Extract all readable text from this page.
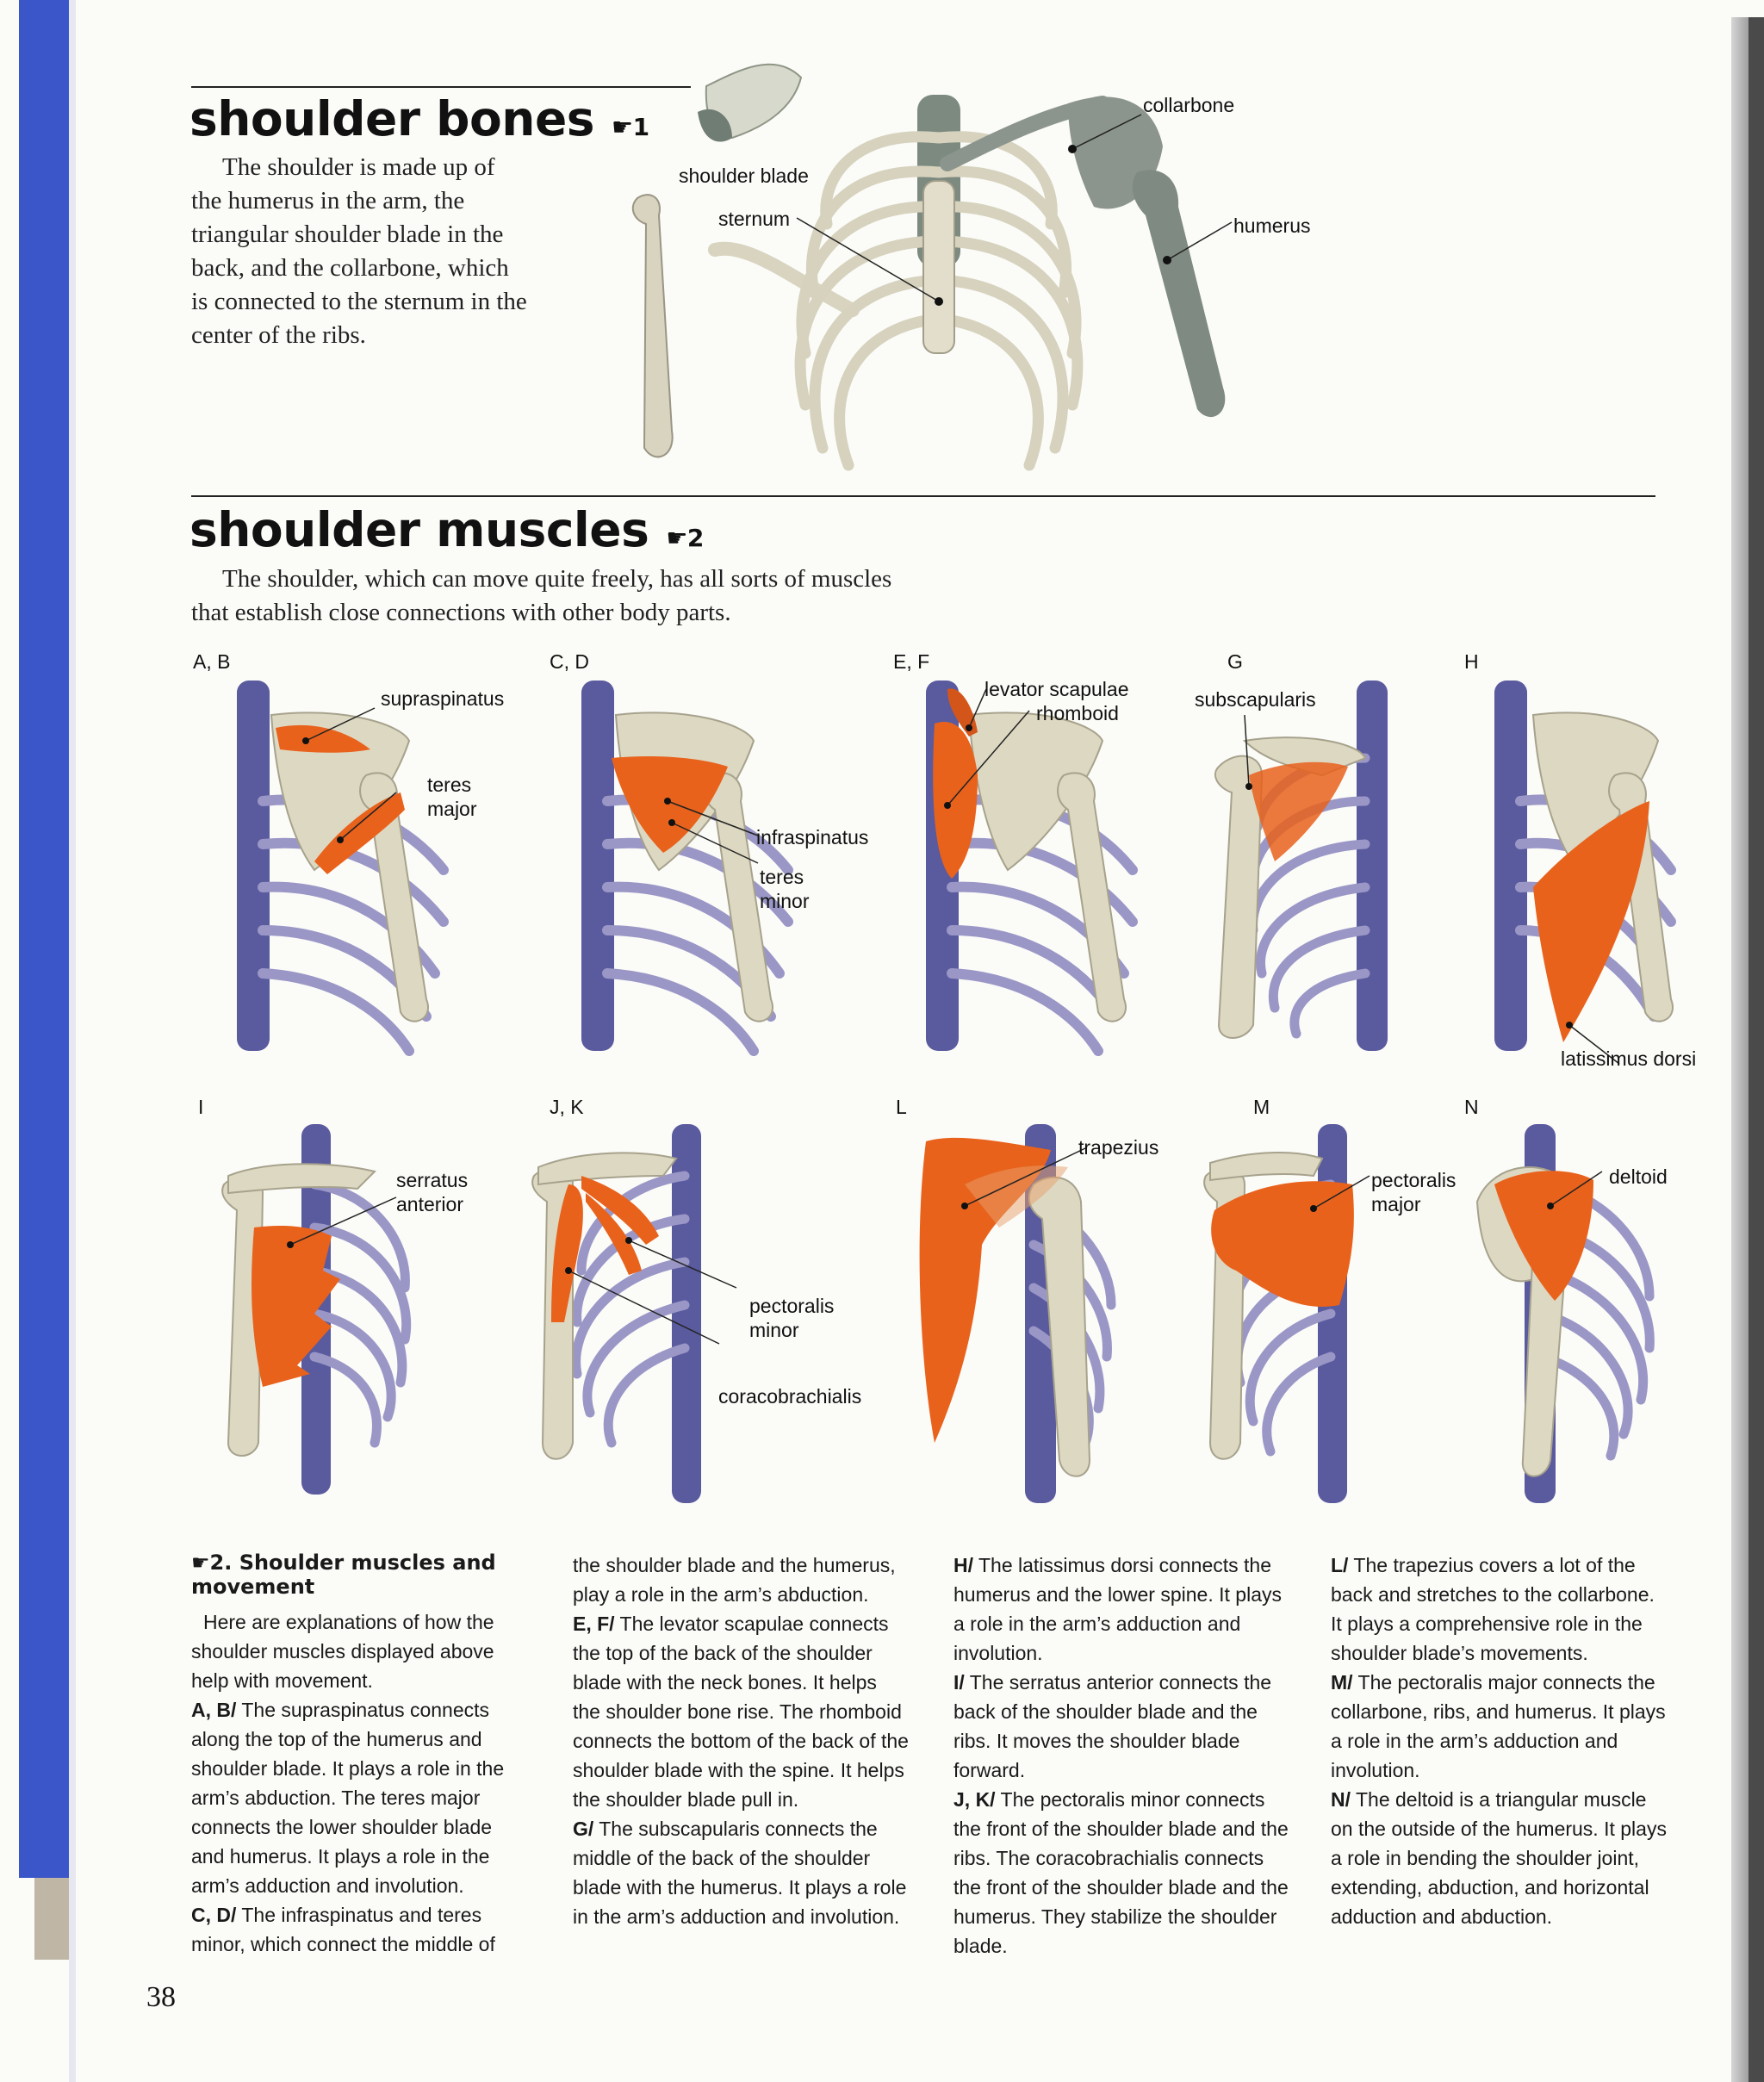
shoulder bones ☛1
The shoulder is made up of the humerus in the arm, the triangular shoulder blade in the back, and the collarbone, which is connected to the sternum in the center of the ribs.
shoulder blade
sternum
collarbone
humerus
shoulder muscles ☛2
The shoulder, which can move quite freely, has all sorts of muscles that establish close connections with other body parts.
A, B	C, D	E, F	G	H
I	J, K	L	M	N
supraspinatus
teres
major
infraspinatus
teres
minor
levator scapulae
rhomboid
subscapularis
latissimus dorsi
serratus
anterior
pectoralis
minor
coracobrachialis
trapezius
pectoralis
major
deltoid
☛2. Shoulder muscles and movement

Here are explanations of how the shoulder muscles displayed above help with movement.

A, B/ The supraspinatus connects along the top of the humerus and shoulder blade. It plays a role in the arm’s abduction. The teres major connects the lower shoulder blade and humerus. It plays a role in the arm’s adduction and involution.

C, D/ The infraspinatus and teres minor, which connect the middle of

the shoulder blade and the humerus, play a role in the arm’s abduction.

E, F/ The levator scapulae connects the top of the back of the shoulder blade with the neck bones. It helps the shoulder bone rise. The rhomboid connects the bottom of the back of the shoulder blade with the spine. It helps the shoulder blade pull in.

G/ The subscapularis connects the middle of the back of the shoulder blade with the humerus. It plays a role in the arm’s adduction and involution.

H/ The latissimus dorsi connects the humerus and the lower spine. It plays a role in the arm’s adduction and involution.

I/ The serratus anterior connects the back of the shoulder blade and the ribs. It moves the shoulder blade forward.

J, K/ The pectoralis minor connects the front of the shoulder blade and the ribs. The coracobrachialis connects the front of the shoulder blade and the humerus. They stabilize the shoulder blade.

L/ The trapezius covers a lot of the back and stretches to the collarbone. It plays a comprehensive role in the shoulder blade’s movements.

M/ The pectoralis major connects the collarbone, ribs, and humerus. It plays a role in the arm’s adduction and involution.

N/ The deltoid is a triangular muscle on the outside of the humerus. It plays a role in bending the shoulder joint, extending, abduction, and horizontal adduction and abduction.

38
